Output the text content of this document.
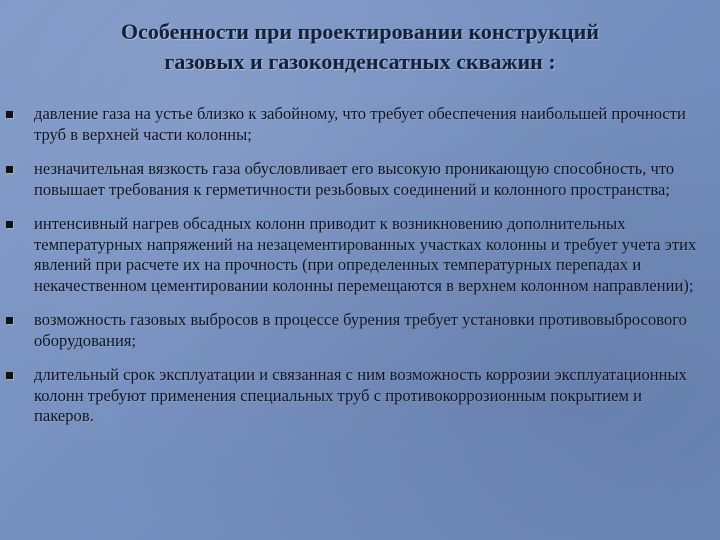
Особенности при проектировании конструкций
газовых и газоконденсатных скважин :
давление газа на устье близко к забойному, что требует обеспечения наибольшей прочности труб в верхней части колонны;
незначительная вязкость газа обусловливает его высокую проникающую способность, что повышает требования к герметичности резьбовых соединений и колонного пространства;
интенсивный нагрев обсадных колонн приводит к возникновению дополнительных температурных напряжений на незацементированных участках колонны и требует учета этих явлений при расчете их на прочность (при определенных температурных перепадах и некачественном цементировании колонны перемещаются в верхнем колонном направлении);
возможность газовых выбросов в процессе бурения требует установки противовыбросового оборудования;
длительный срок эксплуатации и связанная с ним возможность коррозии эксплуатационных колонн требуют применения специальных труб с противокоррозионным покрытием и пакеров.
